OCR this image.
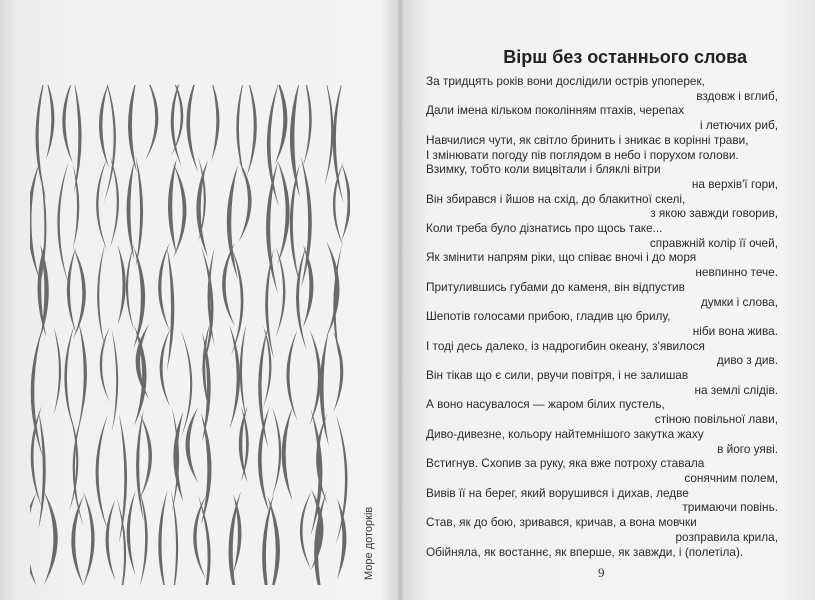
Море доторків
Вірш без останнього слова
За тридцять років вони дослідили острів упоперек,
вздовж і вглиб,
Дали імена кільком поколінням птахів, черепах
і летючих риб,
Навчилися чути, як світло бринить і зникає в корінні трави,
І змінювати погоду пів поглядом в небо і порухом голови.
Взимку, тобто коли вицвітали і бляклі вітри
на верхів'ї гори,
Він збирався і йшов на схід, до блакитної скелі,
з якою завжди говорив,
Коли треба було дізнатись про щось таке...
справжній колір її очей,
Як змінити напрям ріки, що співає вночі і до моря
невпинно тече.
Притулившись губами до каменя, він відпустив
думки і слова,
Шепотів голосами прибою, гладив цю брилу,
ніби вона жива.
І тоді десь далеко, із надрогибин океану, з'явилося
диво з див.
Він тікав що є сили, рвучи повітря, і не залишав
на землі слідів.
А воно насувалося — жаром білих пустель,
стіною повільної лави,
Диво-дивезне, кольору найтемнішого закутка жаху
в його уяві.
Встигнув. Схопив за руку, яка вже потроху ставала
сонячним полем,
Вивів її на берег, який ворушився і дихав, ледве
тримаючи повінь.
Став, як до бою, зривався, кричав, а вона мовчки
розправила крила,
Обійняла, як востаннє, як вперше, як завжди, і (полетіла).
9
